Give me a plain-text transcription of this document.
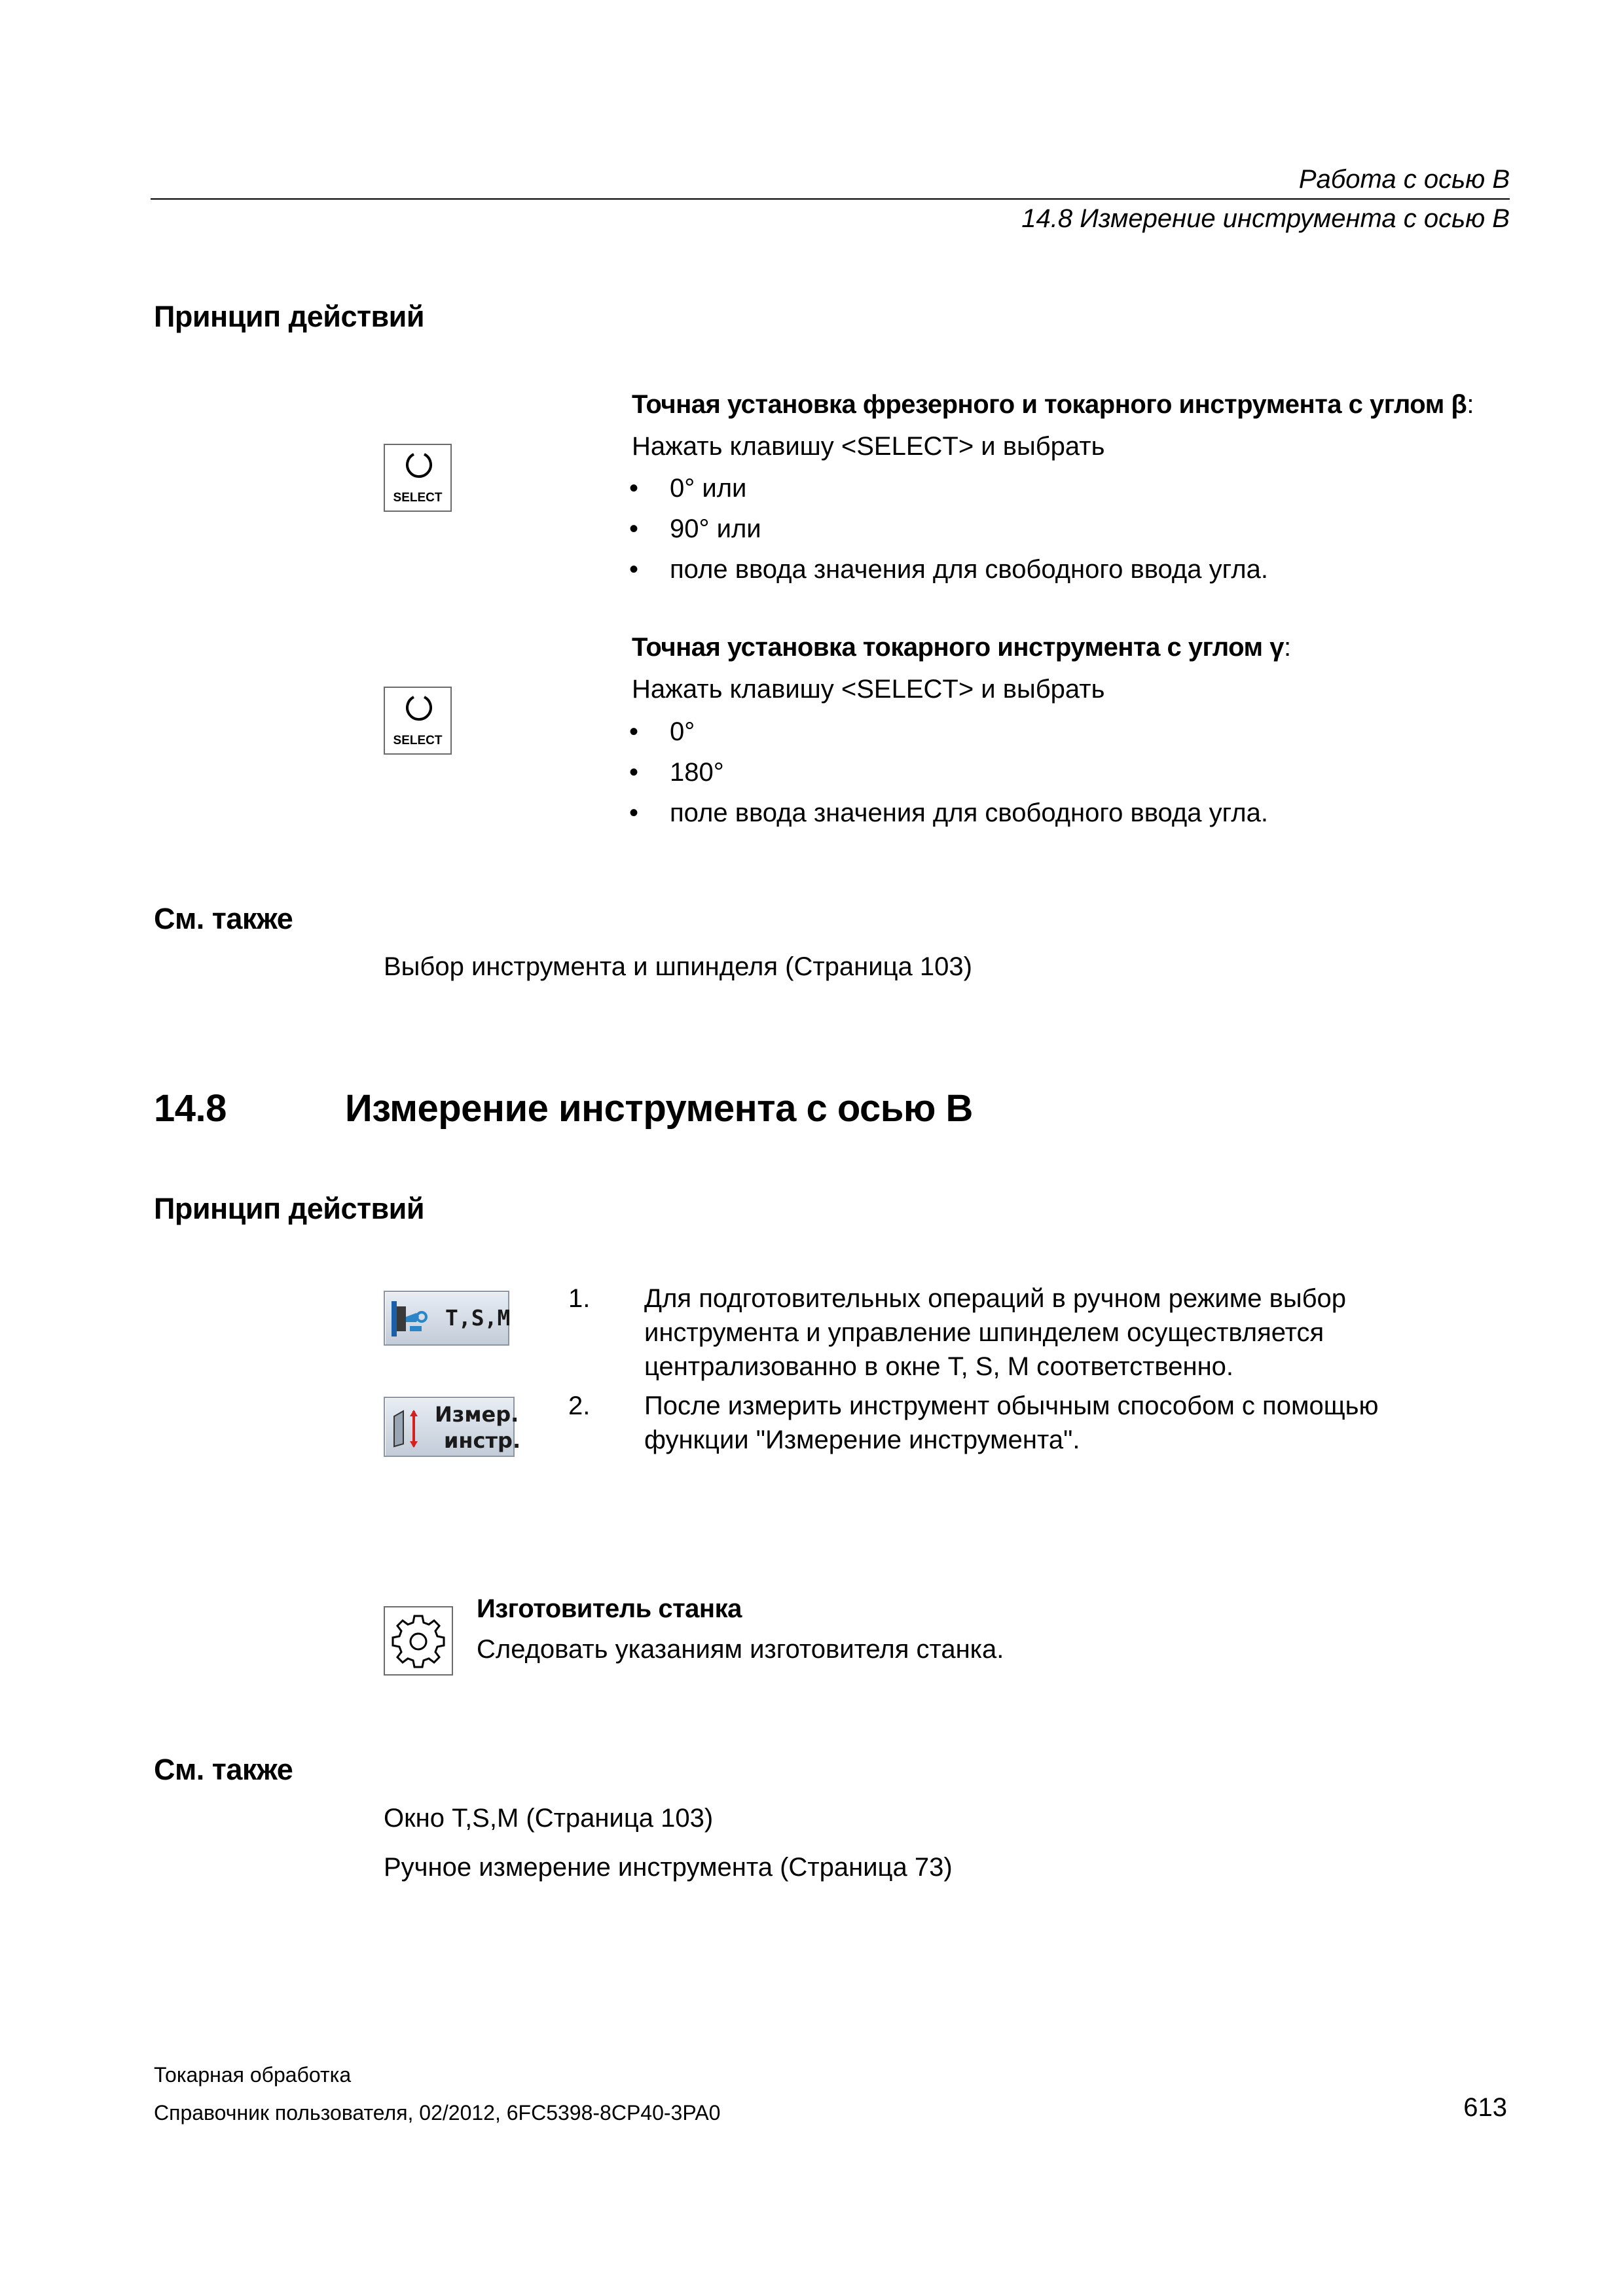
Работа с осью B
14.8 Измерение инструмента с осью B
Принцип действий
Точная установка фрезерного и токарного инструмента с углом β:
SELECT
Нажать клавишу <SELECT> и выбрать
• 0° или
• 90° или
• поле ввода значения для свободного ввода угла.
Точная установка токарного инструмента с углом γ:
SELECT
Нажать клавишу <SELECT> и выбрать
• 0°
• 180°
• поле ввода значения для свободного ввода угла.
См. также
Выбор инструмента и шпинделя (Страница 103)
14.8	Измерение инструмента с осью B
Принцип действий
T,S,M
Измер.
инстр.
1. Для подготовительных операций в ручном режиме выбор
инструмента и управление шпинделем осуществляется
централизованно в окне T, S, M соответственно.
2. После измерить инструмент обычным способом с помощью
функции "Измерение инструмента".
Изготовитель станка
Следовать указаниям изготовителя станка.
См. также
Окно T,S,M (Страница 103)
Ручное измерение инструмента (Страница 73)
Токарная обработка
Справочник пользователя, 02/2012, 6FC5398-8CP40-3PA0	613
